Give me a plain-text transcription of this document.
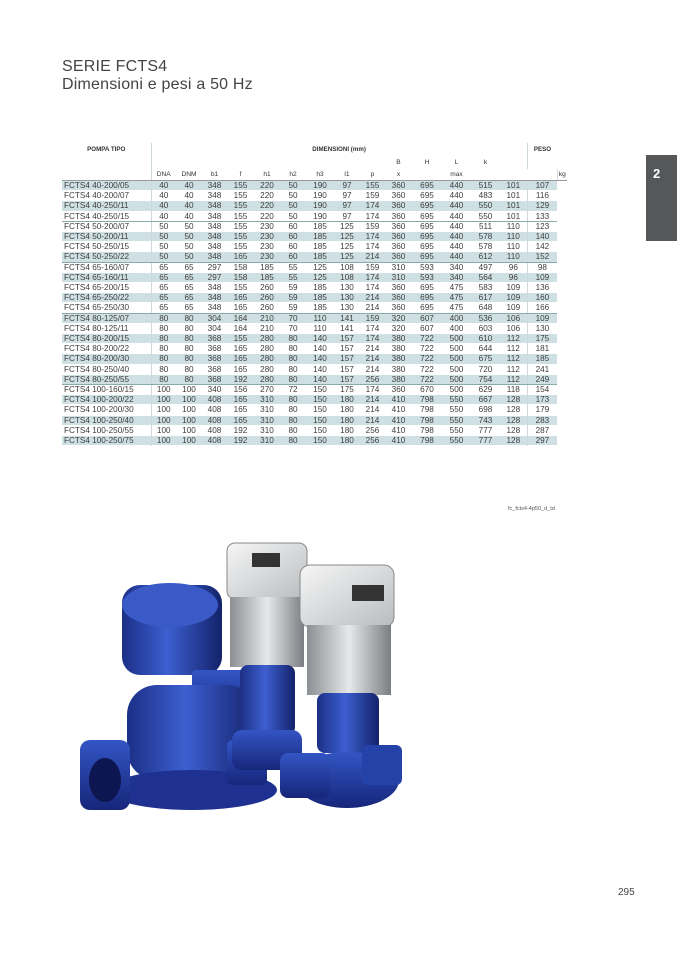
SERIE FCTS4
Dimensioni e pesi a 50 Hz
2
POMPA TIPO	DIMENSIONI (mm)														PESO	
										B	H	L	k			
	DNA	DNM	b1	f	h1	h2	h3	l1	p	x		max				kg
FCTS4 40-200/05	40	40	348	155	220	50	190	97	155	360	695	440	515	101	107	
FCTS4 40-200/07	40	40	348	155	220	50	190	97	159	360	695	440	483	101	116	
FCTS4 40-250/11	40	40	348	155	220	50	190	97	174	360	695	440	550	101	129	
FCTS4 40-250/15	40	40	348	155	220	50	190	97	174	360	695	440	550	101	133	
FCTS4 50-200/07	50	50	348	155	230	60	185	125	159	360	695	440	511	110	123	
FCTS4 50-200/11	50	50	348	155	230	60	185	125	174	360	695	440	578	110	140	
FCTS4 50-250/15	50	50	348	155	230	60	185	125	174	360	695	440	578	110	142	
FCTS4 50-250/22	50	50	348	165	230	60	185	125	214	360	695	440	612	110	152	
FCTS4 65-160/07	65	65	297	158	185	55	125	108	159	310	593	340	497	96	98	
FCTS4 65-160/11	65	65	297	158	185	55	125	108	174	310	593	340	564	96	109	
FCTS4 65-200/15	65	65	348	155	260	59	185	130	174	360	695	475	583	109	136	
FCTS4 65-250/22	65	65	348	165	260	59	185	130	214	360	695	475	617	109	160	
FCTS4 65-250/30	65	65	348	165	260	59	185	130	214	360	695	475	648	109	166	
FCTS4 80-125/07	80	80	304	164	210	70	110	141	159	320	607	400	536	106	109	
FCTS4 80-125/11	80	80	304	164	210	70	110	141	174	320	607	400	603	106	130	
FCTS4 80-200/15	80	80	368	155	280	80	140	157	174	380	722	500	610	112	175	
FCTS4 80-200/22	80	80	368	165	280	80	140	157	214	380	722	500	644	112	181	
FCTS4 80-200/30	80	80	368	165	280	80	140	157	214	380	722	500	675	112	185	
FCTS4 80-250/40	80	80	368	165	280	80	140	157	214	380	722	500	720	112	241	
FCTS4 80-250/55	80	80	368	192	280	80	140	157	256	380	722	500	754	112	249	
FCTS4 100-160/15	100	100	340	156	270	72	150	175	174	360	670	500	629	118	154	
FCTS4 100-200/22	100	100	408	165	310	80	150	180	214	410	798	550	667	128	173	
FCTS4 100-200/30	100	100	408	165	310	80	150	180	214	410	798	550	698	128	179	
FCTS4 100-250/40	100	100	408	165	310	80	150	180	214	410	798	550	743	128	283	
FCTS4 100-250/55	100	100	408	192	310	80	150	180	256	410	798	550	777	128	287	
FCTS4 100-250/75	100	100	408	192	310	80	150	180	256	410	798	550	777	128	297	
fc_fcts4-4p50_d_td
295
